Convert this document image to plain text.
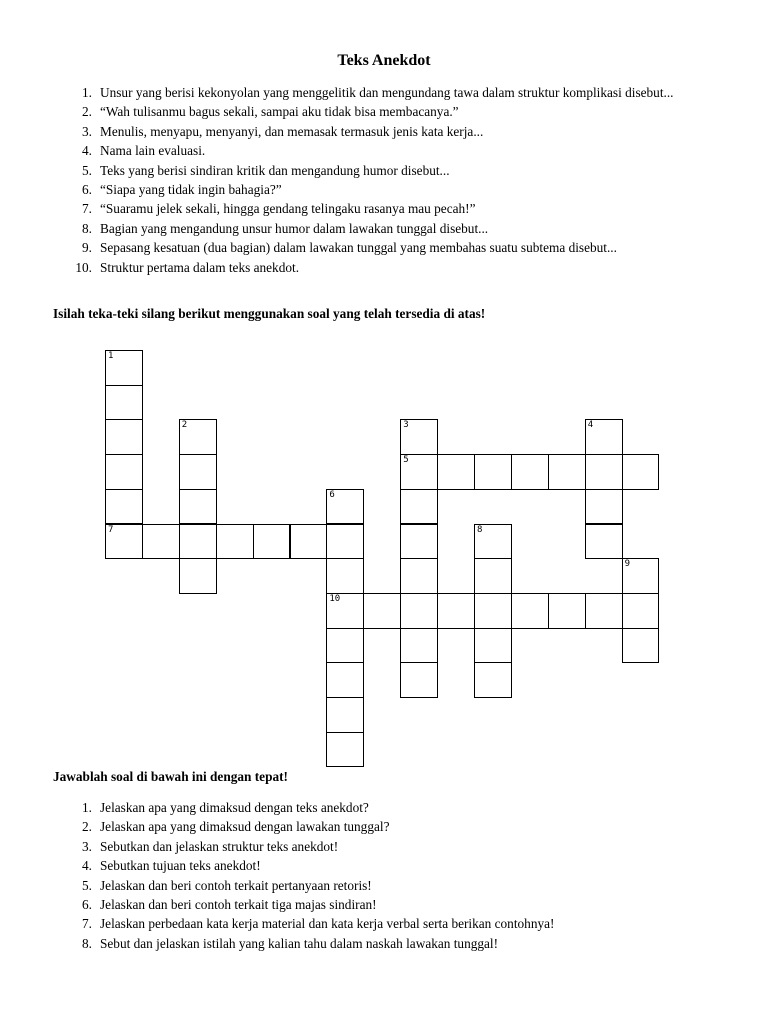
Teks Anekdot
1. Unsur yang berisi kekonyolan yang menggelitik dan mengundang tawa dalam struktur komplikasi disebut...
2. “Wah tulisanmu bagus sekali, sampai aku tidak bisa membacanya.”
3. Menulis, menyapu, menyanyi, dan memasak termasuk jenis kata kerja...
4. Nama lain evaluasi.
5. Teks yang berisi sindiran kritik dan mengandung humor disebut...
6. “Siapa yang tidak ingin bahagia?”
7. “Suaramu jelek sekali, hingga gendang telingaku rasanya mau pecah!”
8. Bagian yang mengandung unsur humor dalam lawakan tunggal disebut...
9. Sepasang kesatuan (dua bagian) dalam lawakan tunggal yang membahas suatu subtema disebut...
10. Struktur pertama dalam teks anekdot.
Isilah teka-teki silang berikut menggunakan soal yang telah tersedia di atas!
1
2	3	4
5
6
7	8
9
10
Jawablah soal di bawah ini dengan tepat!
1. Jelaskan apa yang dimaksud dengan teks anekdot?
2. Jelaskan apa yang dimaksud dengan lawakan tunggal?
3. Sebutkan dan jelaskan struktur teks anekdot!
4. Sebutkan tujuan teks anekdot!
5. Jelaskan dan beri contoh terkait pertanyaan retoris!
6. Jelaskan dan beri contoh terkait tiga majas sindiran!
7. Jelaskan perbedaan kata kerja material dan kata kerja verbal serta berikan contohnya!
8. Sebut dan jelaskan istilah yang kalian tahu dalam naskah lawakan tunggal!
